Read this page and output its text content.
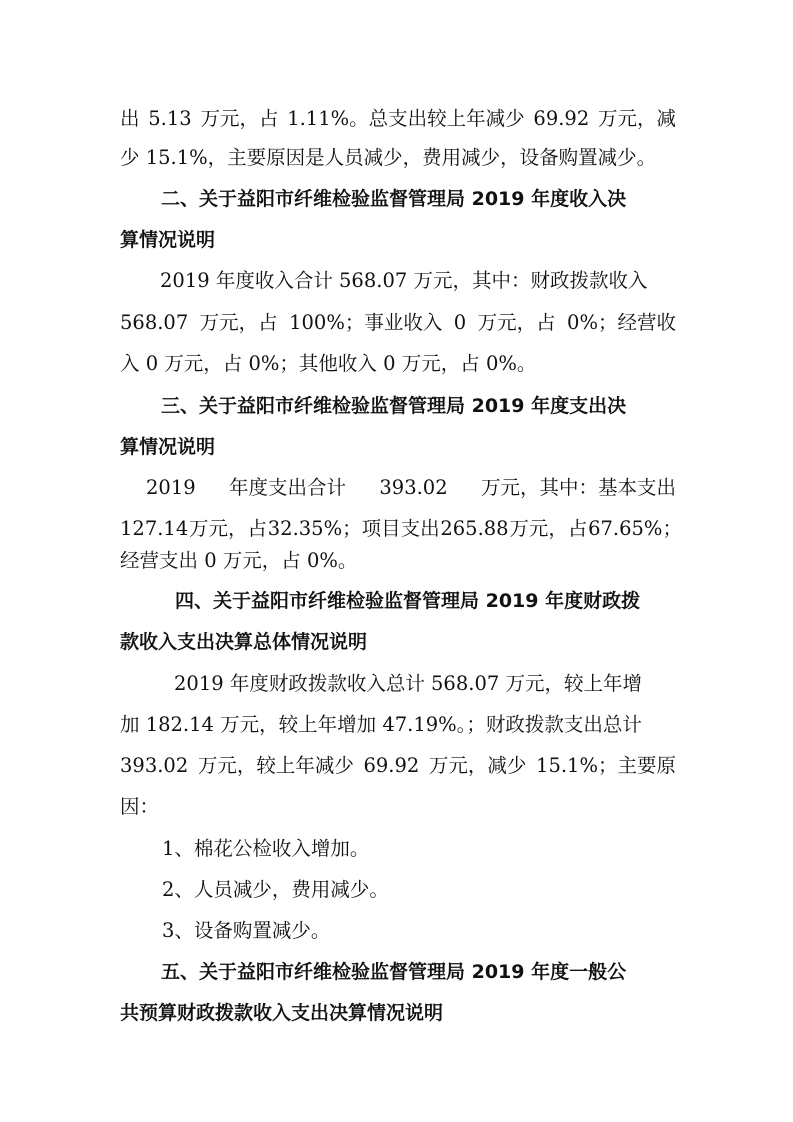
出 5.13 万元，占 1.11%。总支出较上年减少 69.92 万元，减
少 15.1%，主要原因是人员减少，费用减少，设备购置减少。
二、关于益阳市纤维检验监督管理局 2019 年度收入决
算情况说明
2019 年度收入合计 568.07 万元，其中：财政拨款收入
568.07 万元，占 100%；事业收入 0 万元，占 0%；经营收
入 0 万元，占 0%；其他收入 0 万元，占 0%。
三、关于益阳市纤维检验监督管理局 2019 年度支出决
算情况说明
2019 年度支出合计 393.02 万元，其中：基本支出
127.14 万元，占 32.35%；项目支出 265.88 万元，占 67.65%；
经营支出 0 万元，占 0%。
四、关于益阳市纤维检验监督管理局 2019 年度财政拨
款收入支出决算总体情况说明
2019 年度财政拨款收入总计 568.07 万元，较上年增
加 182.14 万元，较上年增加 47.19%。；财政拨款支出总计
393.02 万元，较上年减少 69.92 万元，减少 15.1%；主要原
因：
1、棉花公检收入增加。
2、人员减少，费用减少。
3、设备购置减少。
五、关于益阳市纤维检验监督管理局 2019 年度一般公
共预算财政拨款收入支出决算情况说明
